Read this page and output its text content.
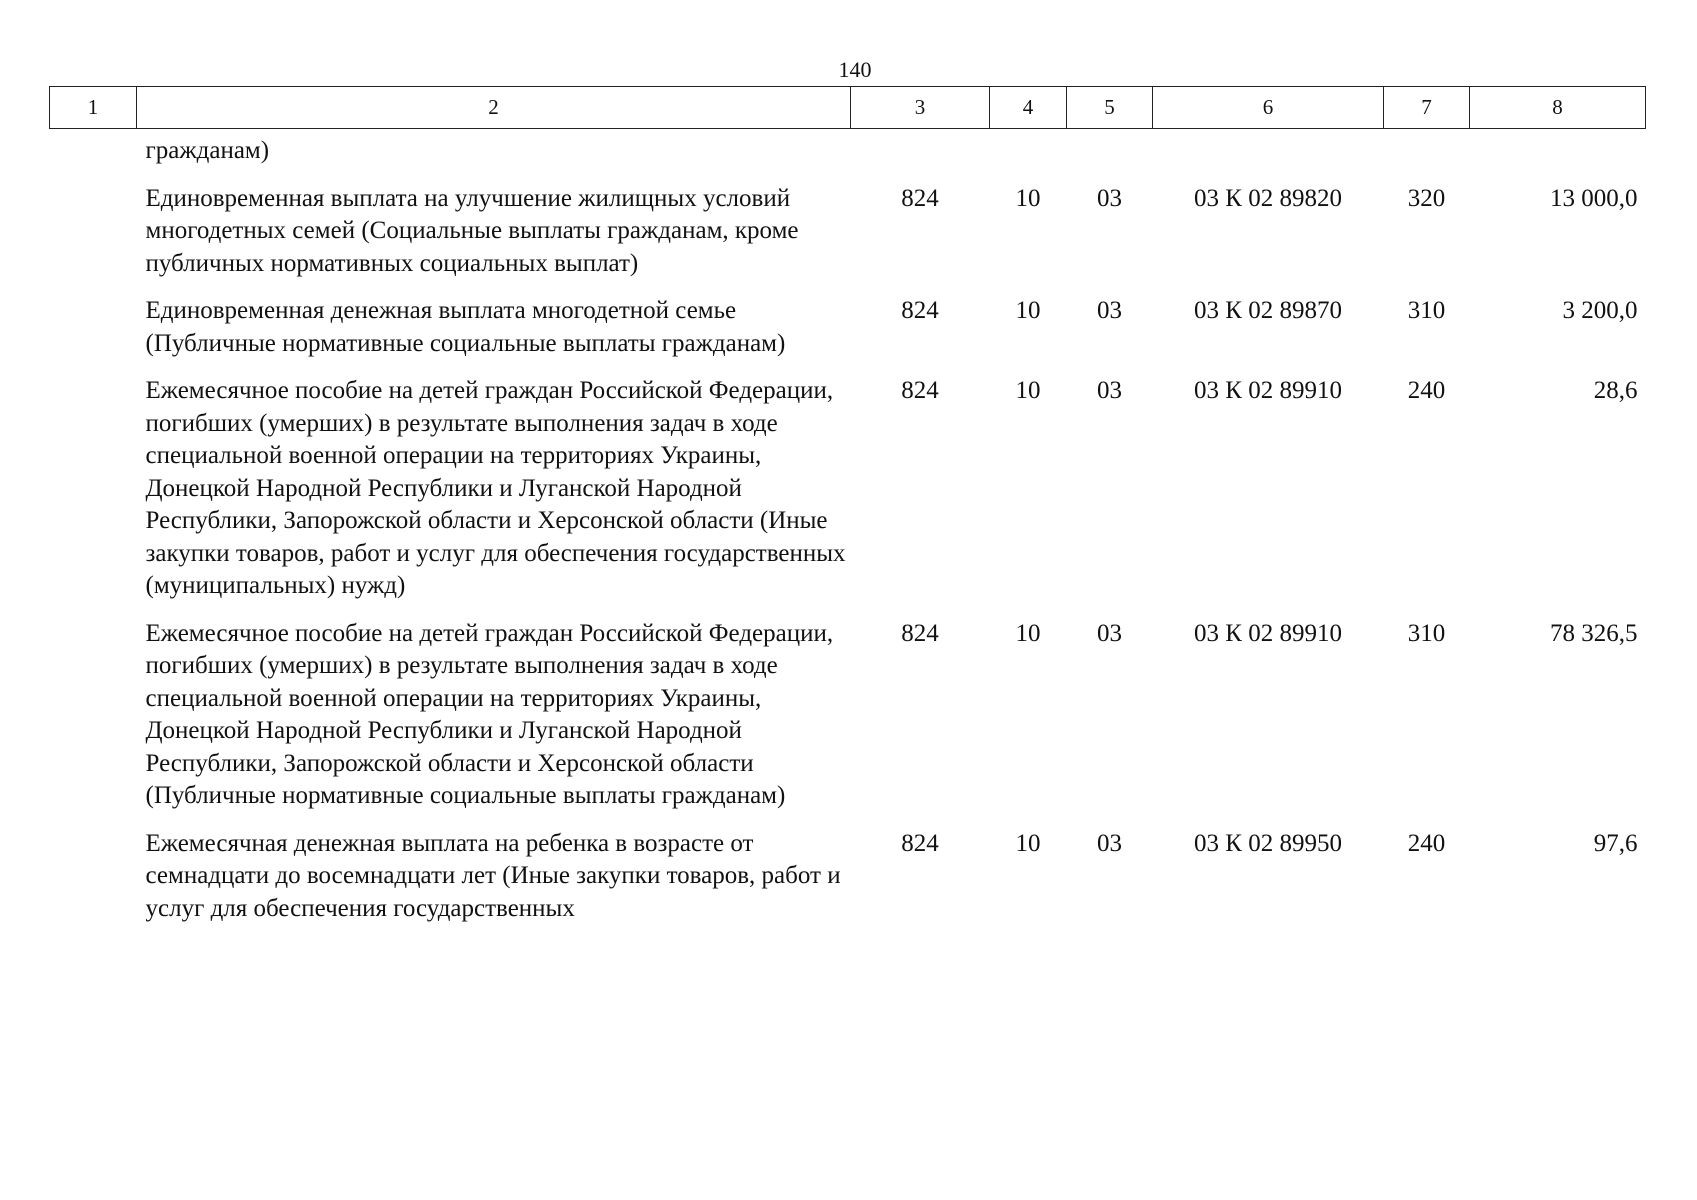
140
1	2	3	4	5	6	7	8
	гражданам)						
	Единовременная выплата на улучшение жилищных условий многодетных семей (Социальные выплаты гражданам, кроме публичных нормативных социальных выплат)	824	10	03	03 К 02 89820	320	13 000,0
	Единовременная денежная выплата многодетной семье (Публичные нормативные социальные выплаты гражданам)	824	10	03	03 К 02 89870	310	3 200,0
	Ежемесячное пособие на детей граждан Российской Федерации, погибших (умерших) в результате выполнения задач в ходе специальной военной операции на территориях Украины, Донецкой Народной Республики и Луганской Народной Республики, Запорожской области и Херсонской области (Иные закупки товаров, работ и услуг для обеспечения государственных (муниципальных) нужд)	824	10	03	03 К 02 89910	240	28,6
	Ежемесячное пособие на детей граждан Российской Федерации, погибших (умерших) в результате выполнения задач в ходе специальной военной операции на территориях Украины, Донецкой Народной Республики и Луганской Народной Республики, Запорожской области и Херсонской области (Публичные нормативные социальные выплаты гражданам)	824	10	03	03 К 02 89910	310	78 326,5
	Ежемесячная денежная выплата на ребенка в возрасте от семнадцати до восемнадцати лет (Иные закупки товаров, работ и услуг для обеспечения государственных	824	10	03	03 К 02 89950	240	97,6
